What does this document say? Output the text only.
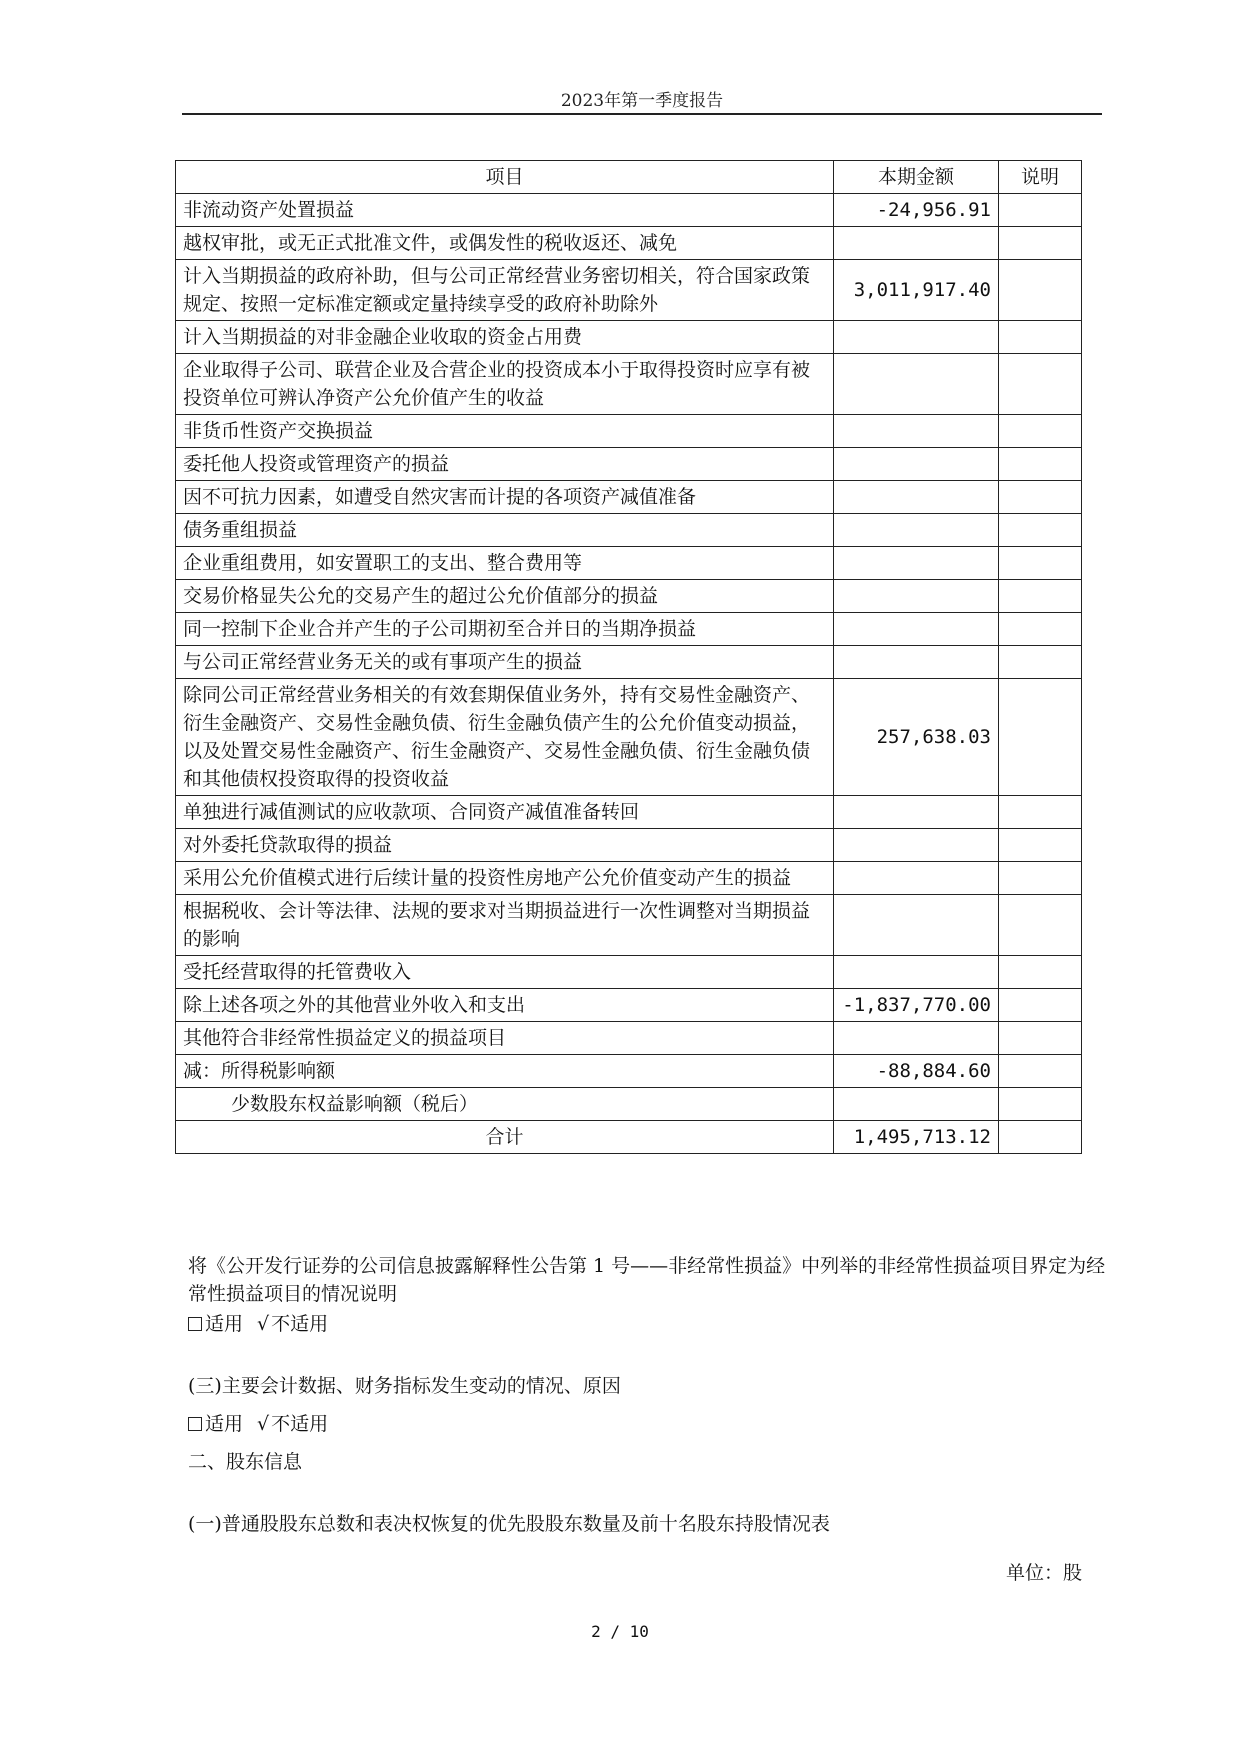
2023年第一季度报告
项目	本期金额	说明
非流动资产处置损益	-24,956.91	
越权审批，或无正式批准文件，或偶发性的税收返还、减免		
计入当期损益的政府补助，但与公司正常经营业务密切相关，符合国家政策规定、按照一定标准定额或定量持续享受的政府补助除外	3,011,917.40	
计入当期损益的对非金融企业收取的资金占用费		
企业取得子公司、联营企业及合营企业的投资成本小于取得投资时应享有被投资单位可辨认净资产公允价值产生的收益		
非货币性资产交换损益		
委托他人投资或管理资产的损益		
因不可抗力因素，如遭受自然灾害而计提的各项资产减值准备		
债务重组损益		
企业重组费用，如安置职工的支出、整合费用等		
交易价格显失公允的交易产生的超过公允价值部分的损益		
同一控制下企业合并产生的子公司期初至合并日的当期净损益		
与公司正常经营业务无关的或有事项产生的损益		
除同公司正常经营业务相关的有效套期保值业务外，持有交易性金融资产、衍生金融资产、交易性金融负债、衍生金融负债产生的公允价值变动损益，以及处置交易性金融资产、衍生金融资产、交易性金融负债、衍生金融负债和其他债权投资取得的投资收益	257,638.03	
单独进行减值测试的应收款项、合同资产减值准备转回		
对外委托贷款取得的损益		
采用公允价值模式进行后续计量的投资性房地产公允价值变动产生的损益		
根据税收、会计等法律、法规的要求对当期损益进行一次性调整对当期损益的影响		
受托经营取得的托管费收入		
除上述各项之外的其他营业外收入和支出	-1,837,770.00	
其他符合非经常性损益定义的损益项目		
减：所得税影响额	-88,884.60	
少数股东权益影响额（税后）		
合计	1,495,713.12	
将《公开发行证券的公司信息披露解释性公告第 1 号——非经常性损益》中列举的非经常性损益项目界定为经常性损益项目的情况说明
适用 √ 不适用
(三)主要会计数据、财务指标发生变动的情况、原因
适用 √ 不适用
二、股东信息
(一)普通股股东总数和表决权恢复的优先股股东数量及前十名股东持股情况表
单位：股
2 / 10
